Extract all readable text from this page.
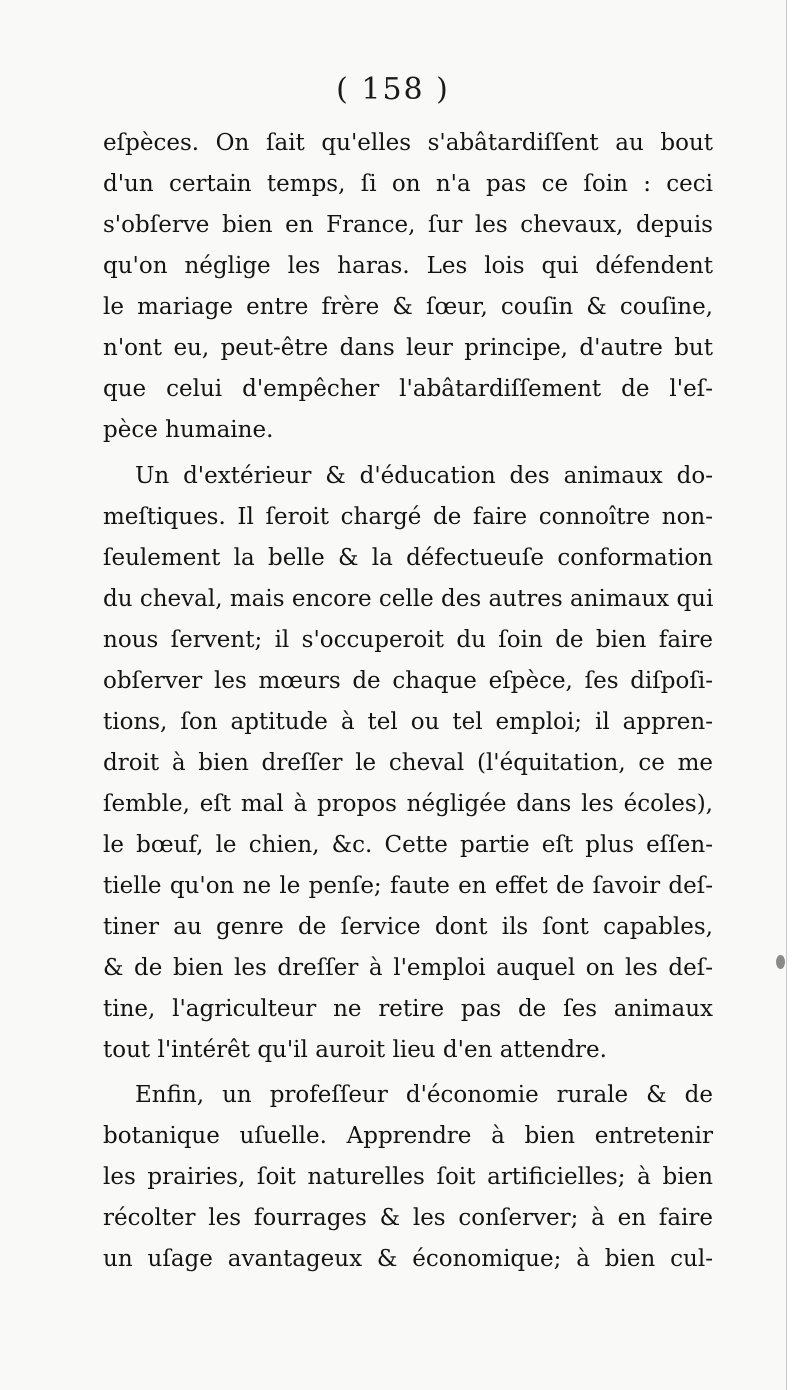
( 158 )
eſpèces. On ſait qu'elles s'abâtardiſſent au bout
d'un certain temps, ſi on n'a pas ce ſoin : ceci
s'obſerve bien en France, ſur les chevaux, depuis
qu'on néglige les haras. Les lois qui défendent
le mariage entre frère & ſœur, couſin & couſine,
n'ont eu, peut-être dans leur principe, d'autre but
que celui d'empêcher l'abâtardiſſement de l'eſ-
pèce humaine.
Un d'extérieur & d'éducation des animaux do-
meſtiques. Il ſeroit chargé de faire connoître non-
ſeulement la belle & la défectueuſe conformation
du cheval, mais encore celle des autres animaux qui
nous ſervent; il s'occuperoit du ſoin de bien faire
obſerver les mœurs de chaque eſpèce, ſes diſpoſi-
tions, ſon aptitude à tel ou tel emploi; il appren-
droit à bien dreſſer le cheval (l'équitation, ce me
ſemble, eſt mal à propos négligée dans les écoles),
le bœuf, le chien, &c. Cette partie eſt plus eſſen-
tielle qu'on ne le penſe; faute en effet de ſavoir deſ-
tiner au genre de ſervice dont ils ſont capables,
& de bien les dreſſer à l'emploi auquel on les deſ-
tine, l'agriculteur ne retire pas de ſes animaux
tout l'intérêt qu'il auroit lieu d'en attendre.
Enfin, un profeſſeur d'économie rurale & de
botanique uſuelle. Apprendre à bien entretenir
les prairies, ſoit naturelles ſoit artificielles; à bien
récolter les fourrages & les conſerver; à en faire
un uſage avantageux & économique; à bien cul-
